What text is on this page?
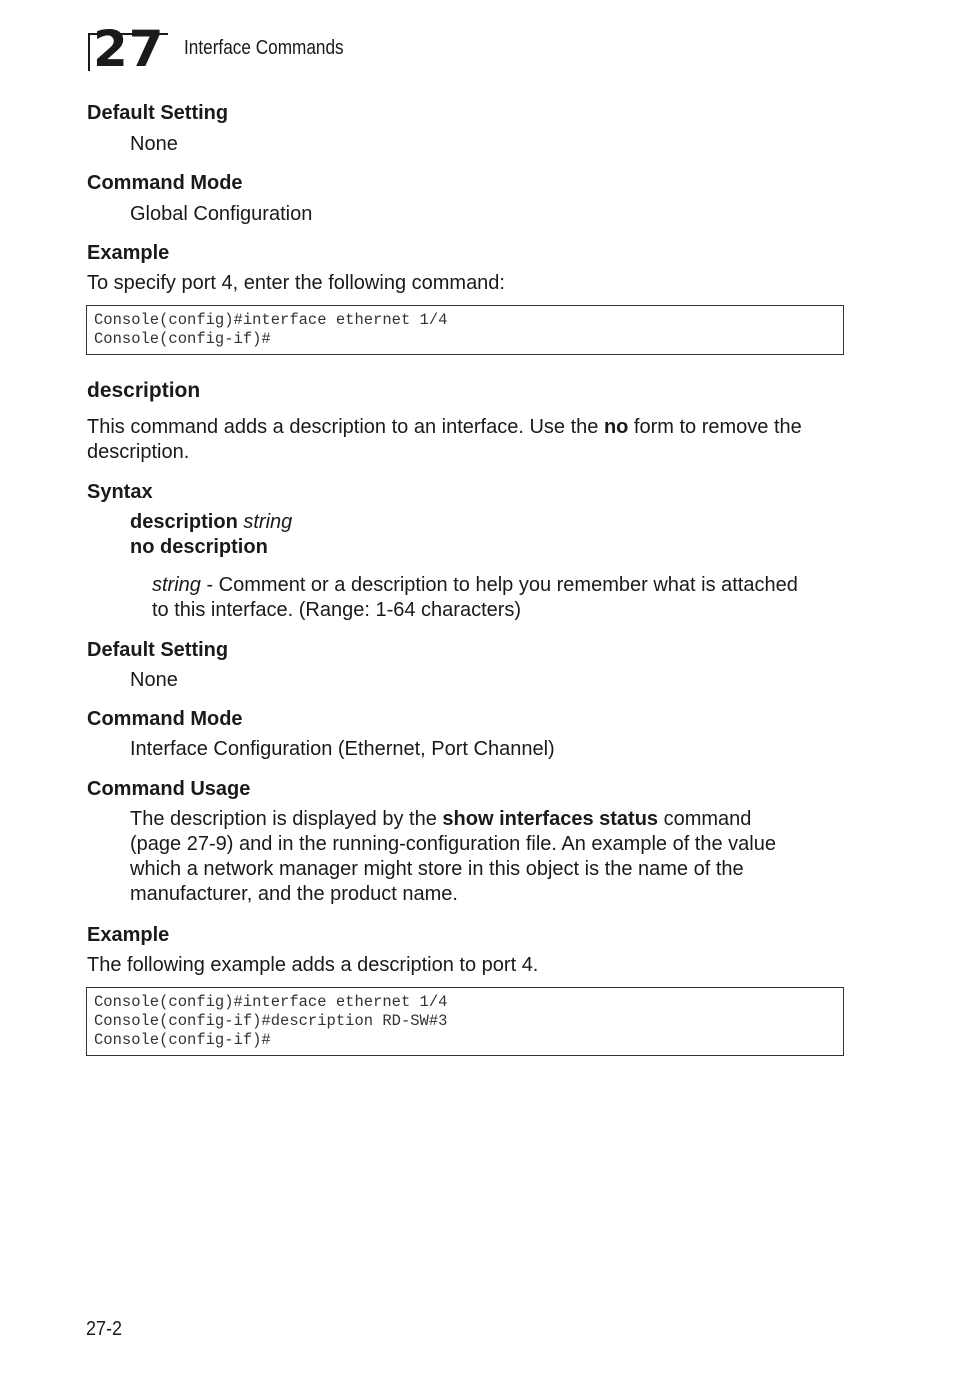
27 Interface Commands
Default Setting
None
Command Mode
Global Configuration
Example
To specify port 4, enter the following command:
Console(config)#interface ethernet 1/4
Console(config-if)#
description
This command adds a description to an interface. Use the no form to remove the
description.
Syntax
description string
no description
string - Comment or a description to help you remember what is attached
to this interface. (Range: 1-64 characters)
Default Setting
None
Command Mode
Interface Configuration (Ethernet, Port Channel)
Command Usage
The description is displayed by the show interfaces status command
(page 27-9) and in the running-configuration file. An example of the value
which a network manager might store in this object is the name of the
manufacturer, and the product name.
Example
The following example adds a description to port 4.
Console(config)#interface ethernet 1/4
Console(config-if)#description RD-SW#3
Console(config-if)#
27-2
